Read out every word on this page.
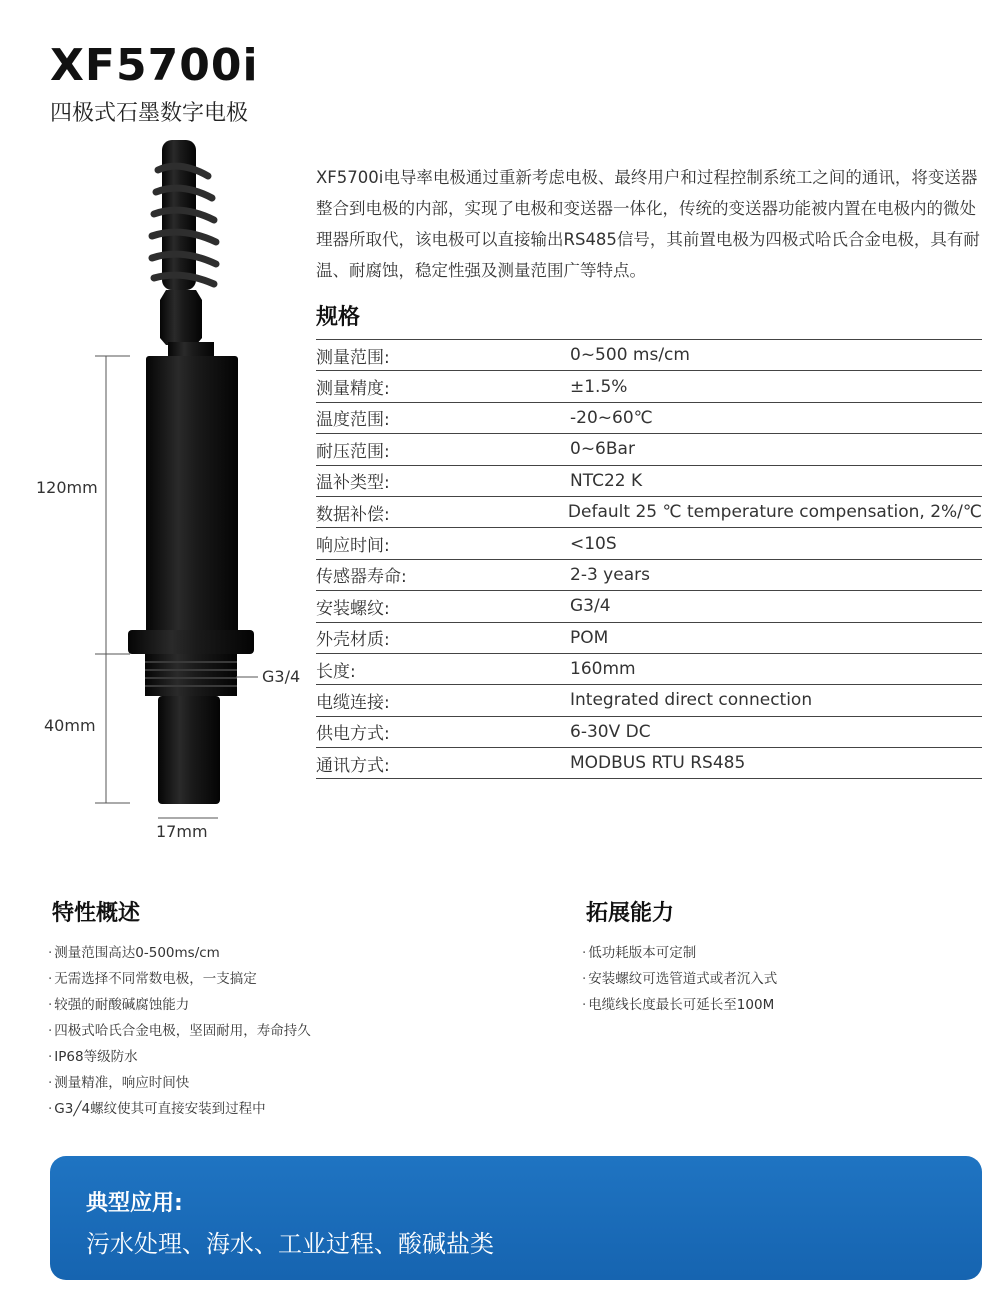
XF5700i
四极式石墨数字电极
120mm
40mm
17mm
G3/4

XF5700i电导率电极通过重新考虑电极、最终用户和过程控制系统工之间的通讯，将变送器整合到电极的内部，实现了电极和变送器一体化，传统的变送器功能被内置在电极内的微处理器所取代，该电极可以直接输出RS485信号，其前置电极为四极式哈氏合金电极，具有耐温、耐腐蚀，稳定性强及测量范围广等特点。

规格
测量范围:	0~500 ms/cm
测量精度:	±1.5%
温度范围:	-20~60℃
耐压范围:	0~6Bar
温补类型:	NTC22 K
数据补偿:	Default 25 ℃ temperature compensation, 2%/℃
响应时间:	<10S
传感器寿命:	2-3 years
安装螺纹:	G3/4
外壳材质:	POM
长度:	160mm
电缆连接:	Integrated direct connection
供电方式:	6-30V DC
通讯方式:	MODBUS RTU RS485
特性概述
· 测量范围高达0-500ms/cm
· 无需选择不同常数电极，一支搞定
· 较强的耐酸碱腐蚀能力
· 四极式哈氏合金电极，坚固耐用，寿命持久
· IP68等级防水
· 测量精准，响应时间快
· G3╱4螺纹使其可直接安装到过程中
拓展能力
· 低功耗版本可定制
· 安装螺纹可选管道式或者沉入式
· 电缆线长度最长可延长至100M
典型应用:
污水处理、海水、工业过程、酸碱盐类
